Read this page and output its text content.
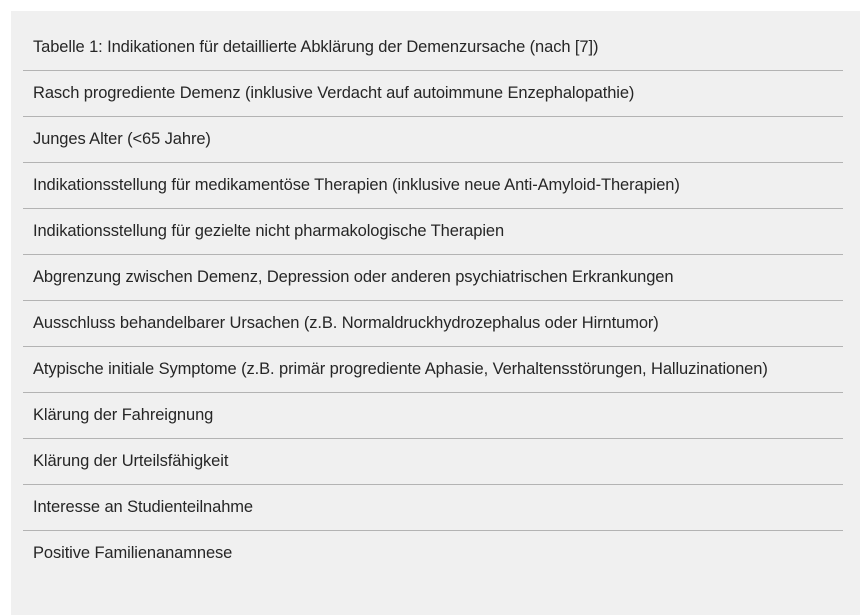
Tabelle 1: Indikationen für detaillierte Abklärung der Demenzursache (nach [7])
Rasch progrediente Demenz (inklusive Verdacht auf autoimmune Enzephalopathie)
Junges Alter (<65 Jahre)
Indikationsstellung für medikamentöse Therapien (inklusive neue Anti-Amyloid-Therapien)
Indikationsstellung für gezielte nicht pharmakologische Therapien
Abgrenzung zwischen Demenz, Depression oder anderen psychiatrischen Erkrankungen
Ausschluss behandelbarer Ursachen (z.B. Normaldruckhydrozephalus oder Hirntumor)
Atypische initiale Symptome (z.B. primär progrediente Aphasie, Verhaltensstörungen, Halluzinationen)
Klärung der Fahreignung
Klärung der Urteilsfähigkeit
Interesse an Studienteilnahme
Positive Familienanamnese
